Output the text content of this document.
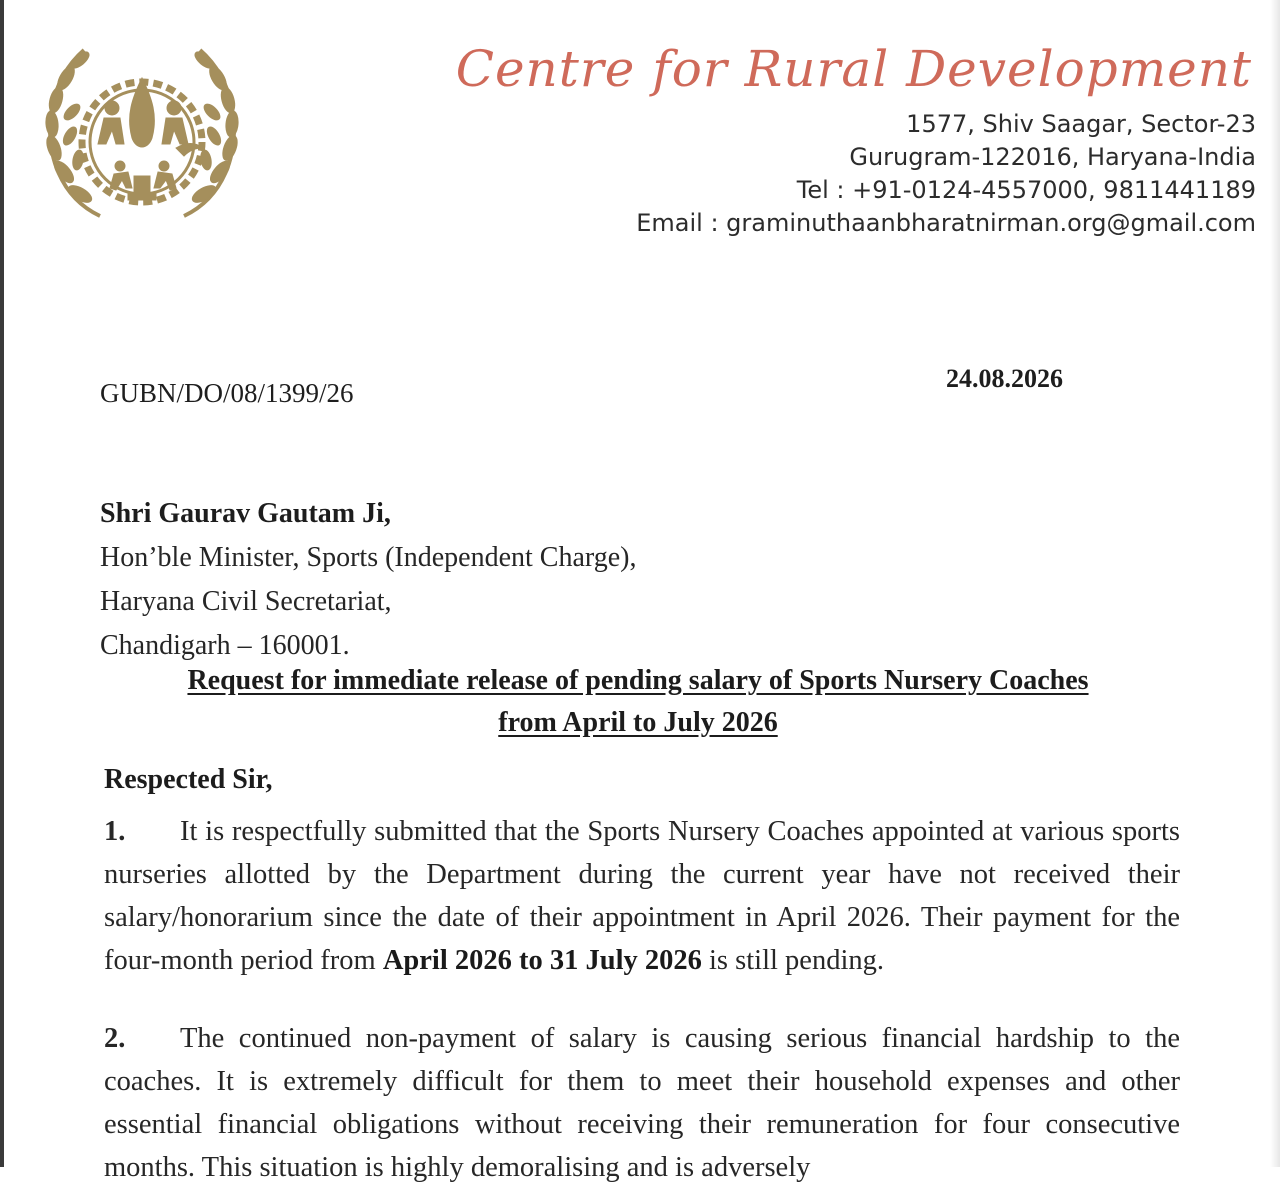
Centre for Rural Development
1577, Shiv Saagar, Sector-23
Gurugram-122016, Haryana-India
Tel : +91-0124-4557000, 9811441189
Email : graminuthaanbharatnirman.org@gmail.com
GUBN/DO/08/1399/26	24.08.2026
Shri Gaurav Gautam Ji,
Hon’ble Minister, Sports (Independent Charge),
Haryana Civil Secretariat,
Chandigarh – 160001.
Request for immediate release of pending salary of Sports Nursery Coaches
from April to July 2026
Respected Sir,
1. It is respectfully submitted that the Sports Nursery Coaches appointed at various sports nurseries allotted by the Department during the current year have not received their salary/honorarium since the date of their appointment in April 2026. Their payment for the four-month period from April 2026 to 31 July 2026 is still pending.
2. The continued non-payment of salary is causing serious financial hardship to the coaches. It is extremely difficult for them to meet their household expenses and other essential financial obligations without receiving their remuneration for four consecutive months. This situation is highly demoralising and is adversely
